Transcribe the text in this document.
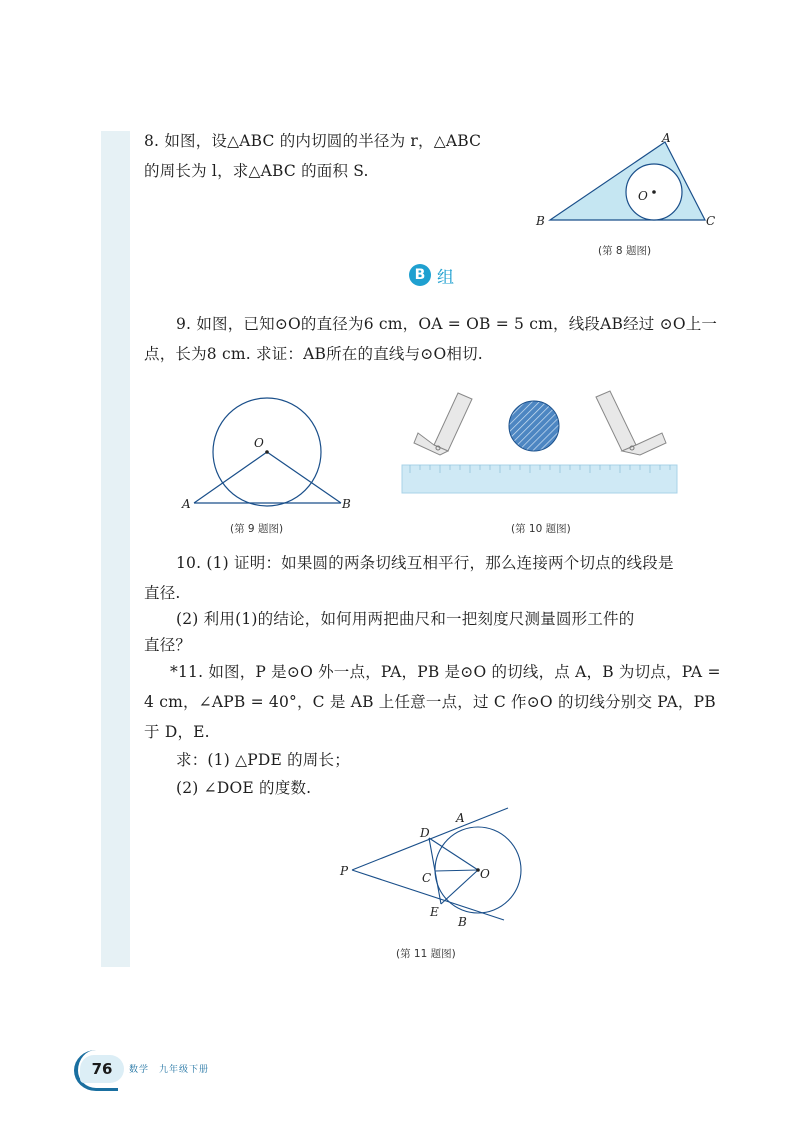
8. 如图，设△ABC 的内切圆的半径为 r，△ABC

的周长为 l，求△ABC 的面积 S.

A
B	C
O
(第 8 题图)
B 组

9. 如图，已知⊙O的直径为6 cm，OA = OB = 5 cm，线段AB经过 ⊙O上一

点，长为8 cm. 求证：AB所在的直线与⊙O相切.

O
A	B
(第 9 题图)	(第 10 题图)

10. (1) 证明：如果圆的两条切线互相平行，那么连接两个切点的线段是

直径.

(2) 利用(1)的结论，如何用两把曲尺和一把刻度尺测量圆形工件的

直径？

*11. 如图，P 是⊙O 外一点，PA，PB 是⊙O 的切线，点 A，B 为切点，PA =

4 cm，∠APB = 40°，C 是 AB 上任意一点，过 C 作⊙O 的切线分别交 PA，PB

于 D，E.

求：(1) △PDE 的周长；

(2) ∠DOE 的度数.

P
A
D
C	O
E
B
(第 11 题图)
76	数学　九年级下册
